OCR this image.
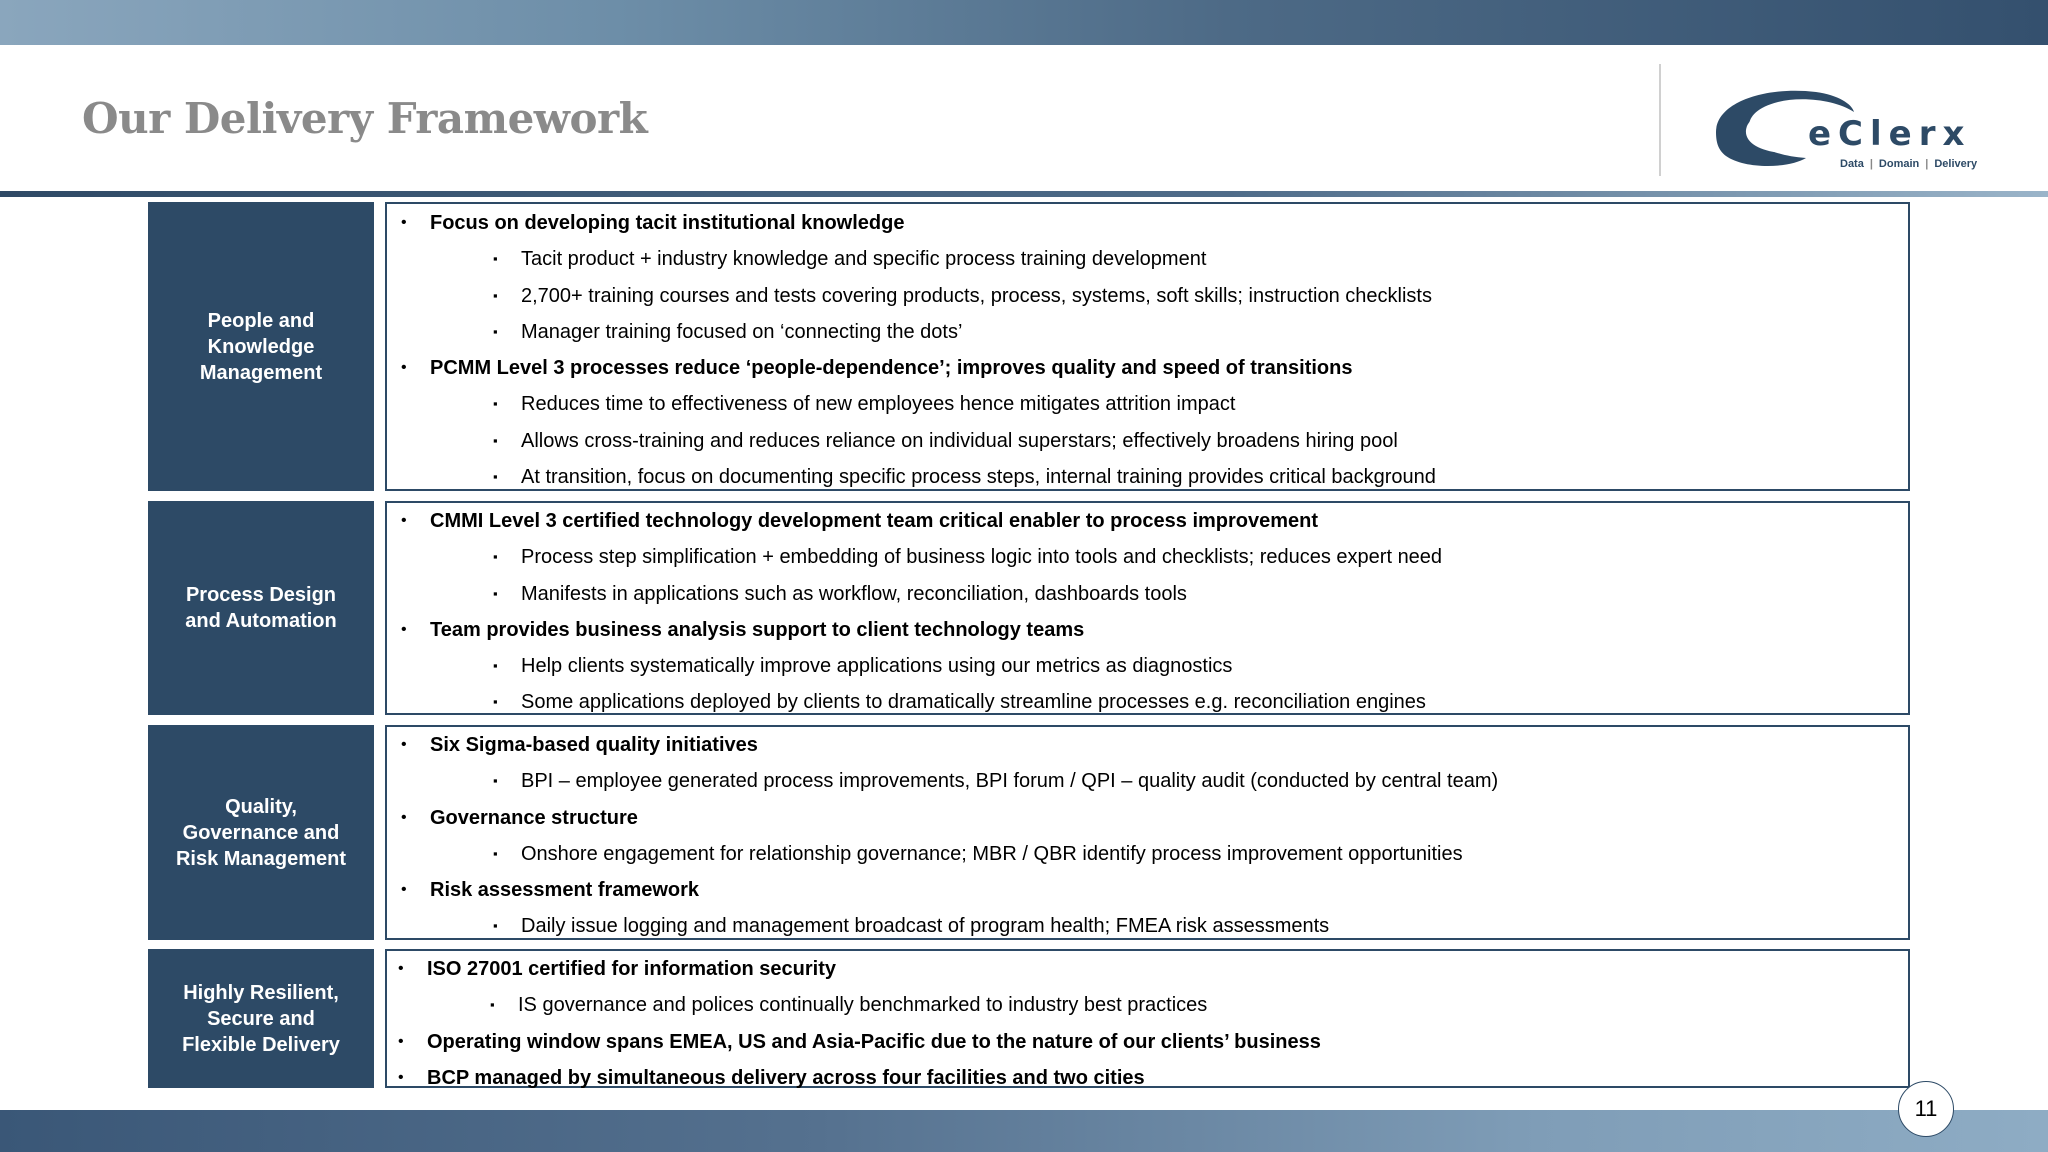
Our Delivery Framework	eClerx
Data | Domain | Delivery
People and
Knowledge
Management
• Focus on developing tacit institutional knowledge
▪ Tacit product + industry knowledge and specific process training development
▪ 2,700+ training courses and tests covering products, process, systems, soft skills; instruction checklists
▪ Manager training focused on ‘connecting the dots’
• PCMM Level 3 processes reduce ‘people-dependence’; improves quality and speed of transitions
▪ Reduces time to effectiveness of new employees hence mitigates attrition impact
▪ Allows cross-training and reduces reliance on individual superstars; effectively broadens hiring pool
▪ At transition, focus on documenting specific process steps, internal training provides critical background
Process Design
and Automation
• CMMI Level 3 certified technology development team critical enabler to process improvement
▪ Process step simplification + embedding of business logic into tools and checklists; reduces expert need
▪ Manifests in applications such as workflow, reconciliation, dashboards tools
• Team provides business analysis support to client technology teams
▪ Help clients systematically improve applications using our metrics as diagnostics
▪ Some applications deployed by clients to dramatically streamline processes e.g. reconciliation engines
Quality,
Governance and
Risk Management
• Six Sigma-based quality initiatives
▪ BPI – employee generated process improvements, BPI forum / QPI – quality audit (conducted by central team)
• Governance structure
▪ Onshore engagement for relationship governance; MBR / QBR identify process improvement opportunities
• Risk assessment framework
▪ Daily issue logging and management broadcast of program health; FMEA risk assessments
Highly Resilient,
Secure and
Flexible Delivery
• ISO 27001 certified for information security
▪ IS governance and polices continually benchmarked to industry best practices
• Operating window spans EMEA, US and Asia-Pacific due to the nature of our clients’ business
• BCP managed by simultaneous delivery across four facilities and two cities
11
